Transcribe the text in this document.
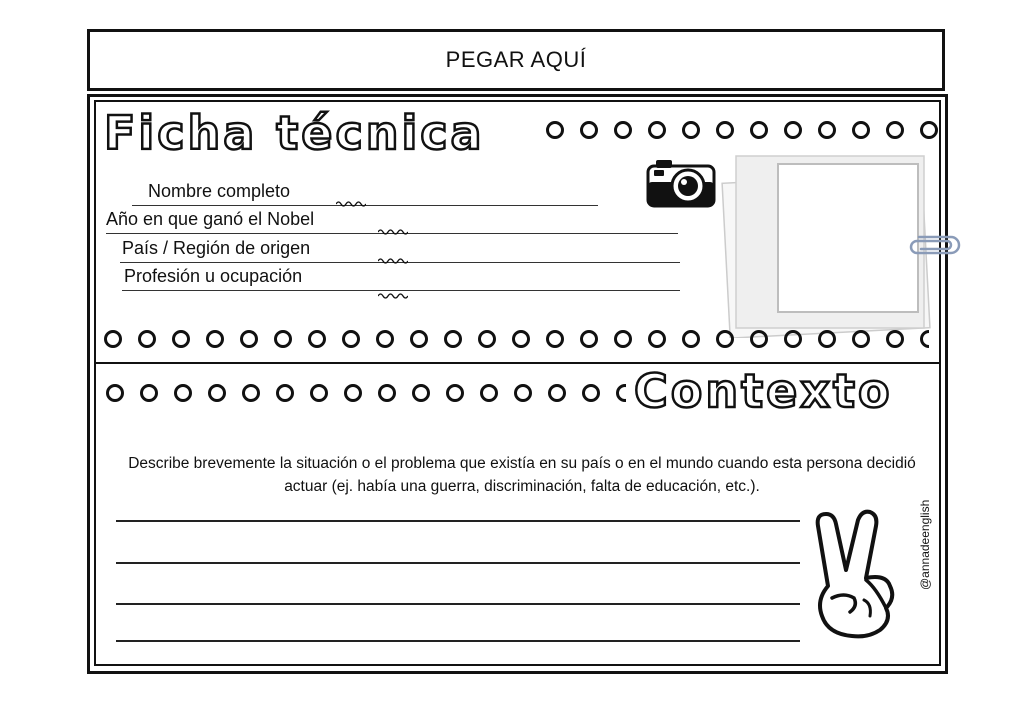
PEGAR AQUÍ
Ficha técnica
Nombre completo
Año en que ganó el Nobel
País / Región de origen
Profesión u ocupación
Contexto

Describe brevemente la situación o el problema que existía en su país o en el mundo cuando esta persona decidió actuar (ej. había una guerra, discriminación, falta de educación, etc.).

@annadeenglish
